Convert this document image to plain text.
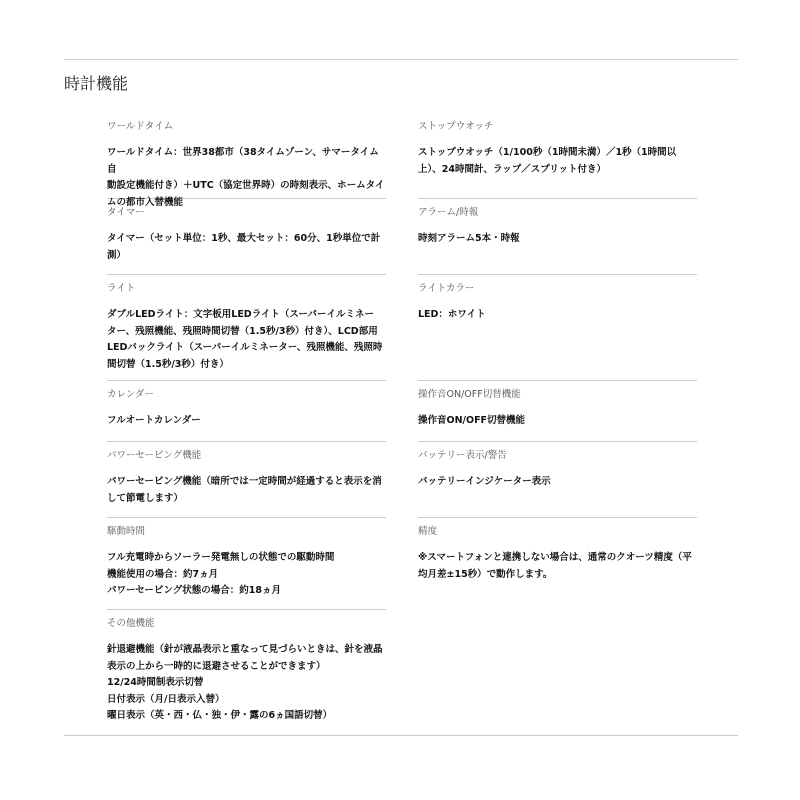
時計機能

ワールドタイム

ワールドタイム：世界38都市（38タイムゾーン、サマータイム自
動設定機能付き）＋UTC（協定世界時）の時刻表示、ホームタイ
ムの都市入替機能

タイマー

タイマー（セット単位：1秒、最大セット：60分、1秒単位で計
測）

ライト

ダブルLEDライト：文字板用LEDライト（スーパーイルミネー
ター、残照機能、残照時間切替（1.5秒/3秒）付き）、LCD部用
LEDバックライト（スーパーイルミネーター、残照機能、残照時
間切替（1.5秒/3秒）付き）

カレンダー

フルオートカレンダー

パワーセービング機能

パワーセービング機能（暗所では一定時間が経過すると表示を消
して節電します）

駆動時間

フル充電時からソーラー発電無しの状態での駆動時間
機能使用の場合：約7ヵ月
パワーセービング状態の場合：約18ヵ月

その他機能

針退避機能（針が液晶表示と重なって見づらいときは、針を液晶
表示の上から一時的に退避させることができます）
12/24時間制表示切替
日付表示（月/日表示入替）
曜日表示（英・西・仏・独・伊・露の6ヵ国語切替）

ストップウオッチ

ストップウオッチ（1/100秒（1時間未満）／1秒（1時間以
上）、24時間計、ラップ／スプリット付き）

アラーム/時報

時刻アラーム5本・時報

ライトカラー

LED：ホワイト

操作音ON/OFF切替機能

操作音ON/OFF切替機能

バッテリー表示/警告

バッテリーインジケーター表示

精度

※スマートフォンと連携しない場合は、通常のクオーツ精度（平
均月差±15秒）で動作します。
